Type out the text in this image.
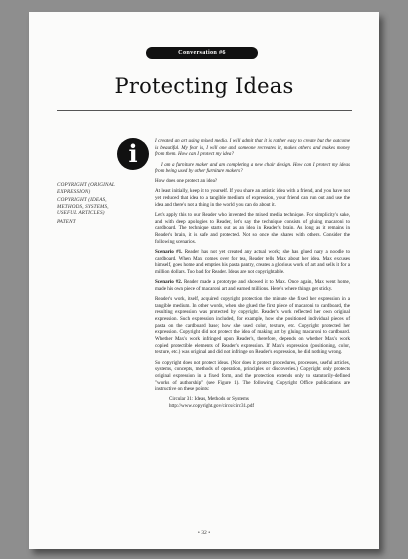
Conversation #6
Protecting Ideas
i
COPYRIGHT (ORIGINAL EXPRESSION)
COPYRIGHT (IDEAS, METHODS, SYSTEMS, USEFUL ARTICLES)
PATENT

I created an art using mixed media. I will admit that it is rather easy to create but the outcome is beautiful. My fear is, I will one and someone recreates it, makes others and makes money from them. How can I protect my idea?

I am a furniture maker and am completing a new chair design. How can I protect my ideas from being used by other furniture makers?

How does one protect an idea?

At least initially, keep it to yourself. If you share an artistic idea with a friend, and you have not yet reduced that idea to a tangible medium of expression, your friend can run out and use the idea and there's not a thing in the world you can do about it.

Let's apply this to our Reader who invented the mixed media technique. For simplicity's sake, and with deep apologies to Reader, let's say the technique consists of gluing macaroni to cardboard. The technique starts out as an idea in Reader's brain. As long as it remains in Reader's brain, it is safe and protected. Not so once she shares with others. Consider the following scenarios.

Scenario #1. Reader has not yet created any actual work; she has glued nary a noodle to cardboard. When Max comes over for tea, Reader tells Max about her idea. Max excuses himself, goes home and empties his pasta pantry, creates a glorious work of art and sells it for a million dollars. Too bad for Reader. Ideas are not copyrightable.

Scenario #2. Reader made a prototype and showed it to Max. Once again, Max went home, made his own piece of macaroni art and earned millions. Here's where things get sticky.

Reader's work, itself, acquired copyright protection the minute she fixed her expression in a tangible medium. In other words, when she glued the first piece of macaroni to cardboard, the resulting expression was protected by copyright. Reader's work reflected her own original expression. Such expression included, for example, how she positioned individual pieces of pasta on the cardboard base; how she used color, texture, etc. Copyright protected her expression. Copyright did not protect the idea of making art by gluing macaroni to cardboard. Whether Max's work infringed upon Reader's, therefore, depends on whether Max's work copied protectible elements of Reader's expression. If Max's expression (positioning, color, texture, etc.) was original and did not infringe on Reader's expression, he did nothing wrong.

So copyright does not protect ideas. (Nor does it protect procedures, processes, useful articles, systems, concepts, methods of operation, principles or discoveries.) Copyright only protects original expression in a fixed form, and the protection extends only to statutorily-defined "works of authorship" (see Figure 1). The following Copyright Office publications are instructive on these points:

Circular 31: Ideas, Methods or Systems
http://www.copyright.gov/circs/circ31.pdf

• 32 •
